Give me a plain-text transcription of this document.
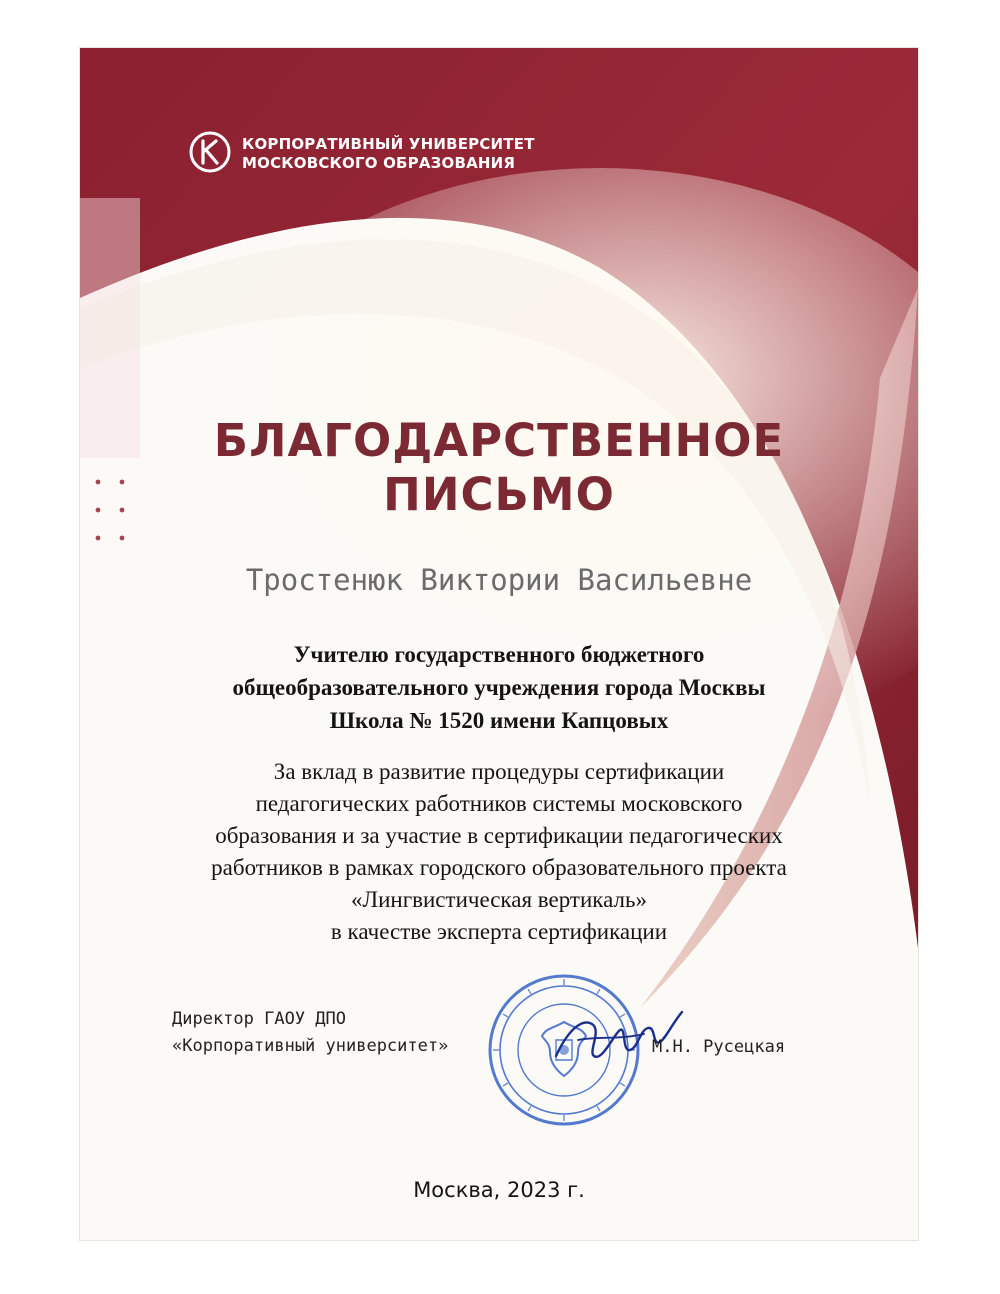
КОРПОРАТИВНЫЙ УНИВЕРСИТЕТ
МОСКОВСКОГО ОБРАЗОВАНИЯ
БЛАГОДАРСТВЕННОЕ
ПИСЬМО
Тростенюк Виктории Васильевне
Учителю государственного бюджетного
общеобразовательного учреждения города Москвы
Школа № 1520 имени Капцовых
За вклад в развитие процедуры сертификации
педагогических работников системы московского
образования и за участие в сертификации педагогических
работников в рамках городского образовательного проекта
«Лингвистическая вертикаль»
в качестве эксперта сертификации
Директор ГАОУ ДПО
«Корпоративный университет»	М.Н. Русецкая
Москва, 2023 г.
